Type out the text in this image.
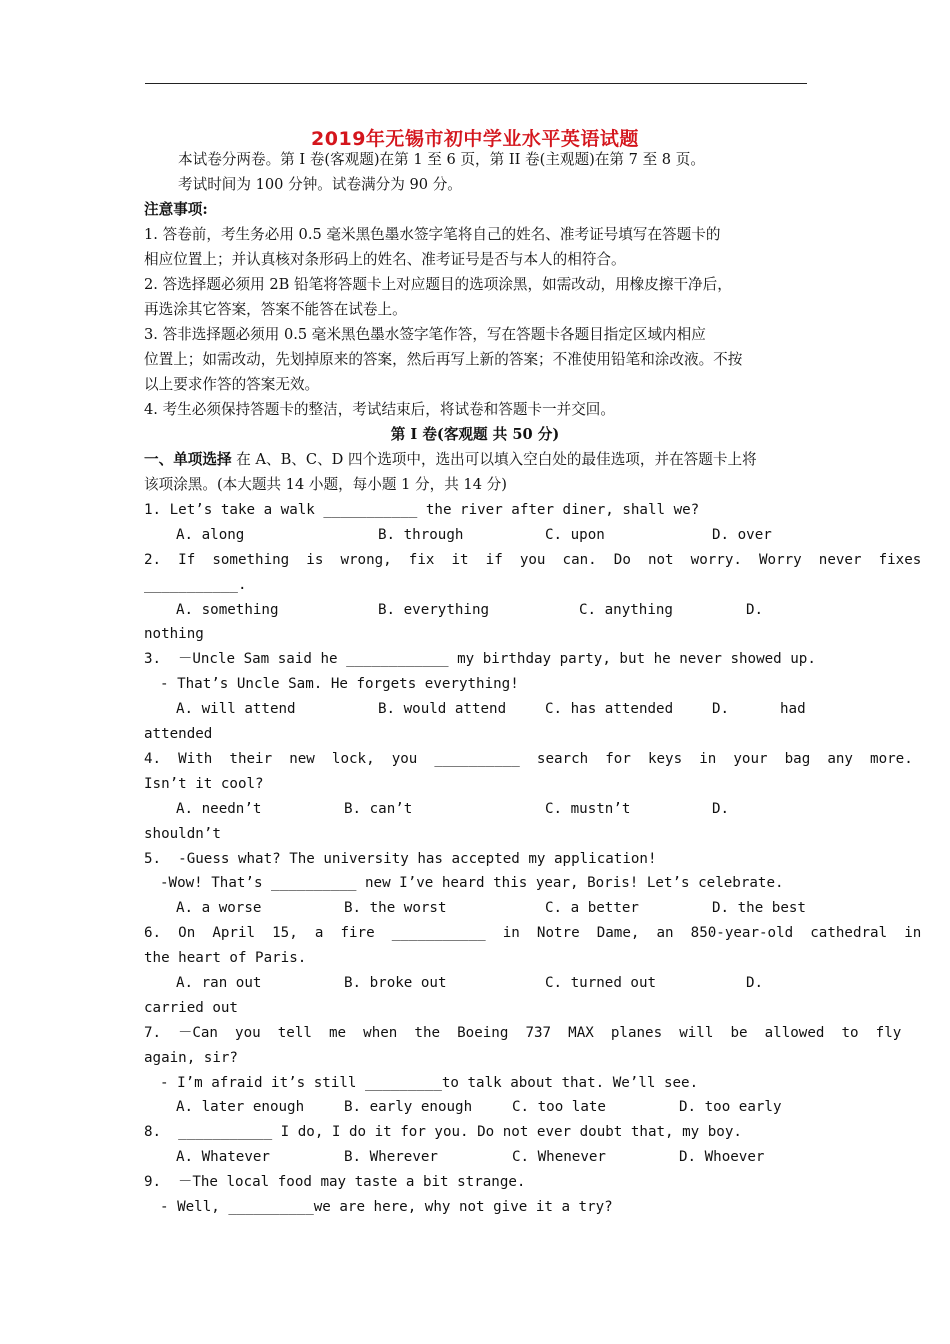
2019年无锡市初中学业水平英语试题
本试卷分两卷。第 I 卷(客观题)在第 1 至 6 页，第 II 卷(主观题)在第 7 至 8 页。
考试时间为 100 分钟。试卷满分为 90 分。
注意事项:
1. 答卷前，考生务必用 0.5 毫米黑色墨水签字笔将自己的姓名、准考证号填写在答题卡的
相应位置上；并认真核对条形码上的姓名、准考证号是否与本人的相符合。
2. 答选择题必须用 2B 铅笔将答题卡上对应题目的选项涂黑，如需改动，用橡皮擦干净后，
再选涂其它答案，答案不能答在试卷上。
3. 答非选择题必须用 0.5 毫米黑色墨水签字笔作答，写在答题卡各题目指定区域内相应
位置上；如需改动，先划掉原来的答案，然后再写上新的答案；不准使用铅笔和涂改液。不按
以上要求作答的答案无效。
4. 考生必须保持答题卡的整洁，考试结束后，将试卷和答题卡一并交回。
第 I 卷(客观题 共 50 分)
一、单项选择 在 A、B、C、D 四个选项中，选出可以填入空白处的最佳选项，并在答题卡上将
该项涂黑。(本大题共 14 小题，每小题 1 分，共 14 分)
1. Let’s take a walk ___________ the river after diner, shall we?
A. along	B. through	C. upon	D. over
2.  If  something  is  wrong,  fix  it  if  you  can.  Do  not  worry.  Worry  never  fixes
___________.
A. something	B. everything	C. anything	D.
nothing
3.  －Uncle Sam said he ____________ my birthday party, but he never showed up.
- That’s Uncle Sam. He forgets everything!
A. will attend	B. would attend	C. has attended	D.	had
attended
4.  With  their  new  lock,  you  __________  search  for  keys  in  your  bag  any  more.
Isn’t it cool?
A. needn’t	B. can’t	C. mustn’t	D.
shouldn’t
5.  -Guess what? The university has accepted my application!
-Wow! That’s __________ new I’ve heard this year, Boris! Let’s celebrate.
A. a worse	B. the worst	C. a better	D. the best
6.  On  April  15,  a  fire  ___________  in  Notre  Dame,  an  850-year-old  cathedral  in
the heart of Paris.
A. ran out	B. broke out	C. turned out	D.
carried out
7.  －Can  you  tell  me  when  the  Boeing  737  MAX  planes  will  be  allowed  to  fly
again, sir?
- I’m afraid it’s still _________to talk about that. We’ll see.
A. later enough	B. early enough	C. too late	D. too early
8.  ___________ I do, I do it for you. Do not ever doubt that, my boy.
A. Whatever	B. Wherever	C. Whenever	D. Whoever
9.  －The local food may taste a bit strange.
- Well, __________we are here, why not give it a try?
